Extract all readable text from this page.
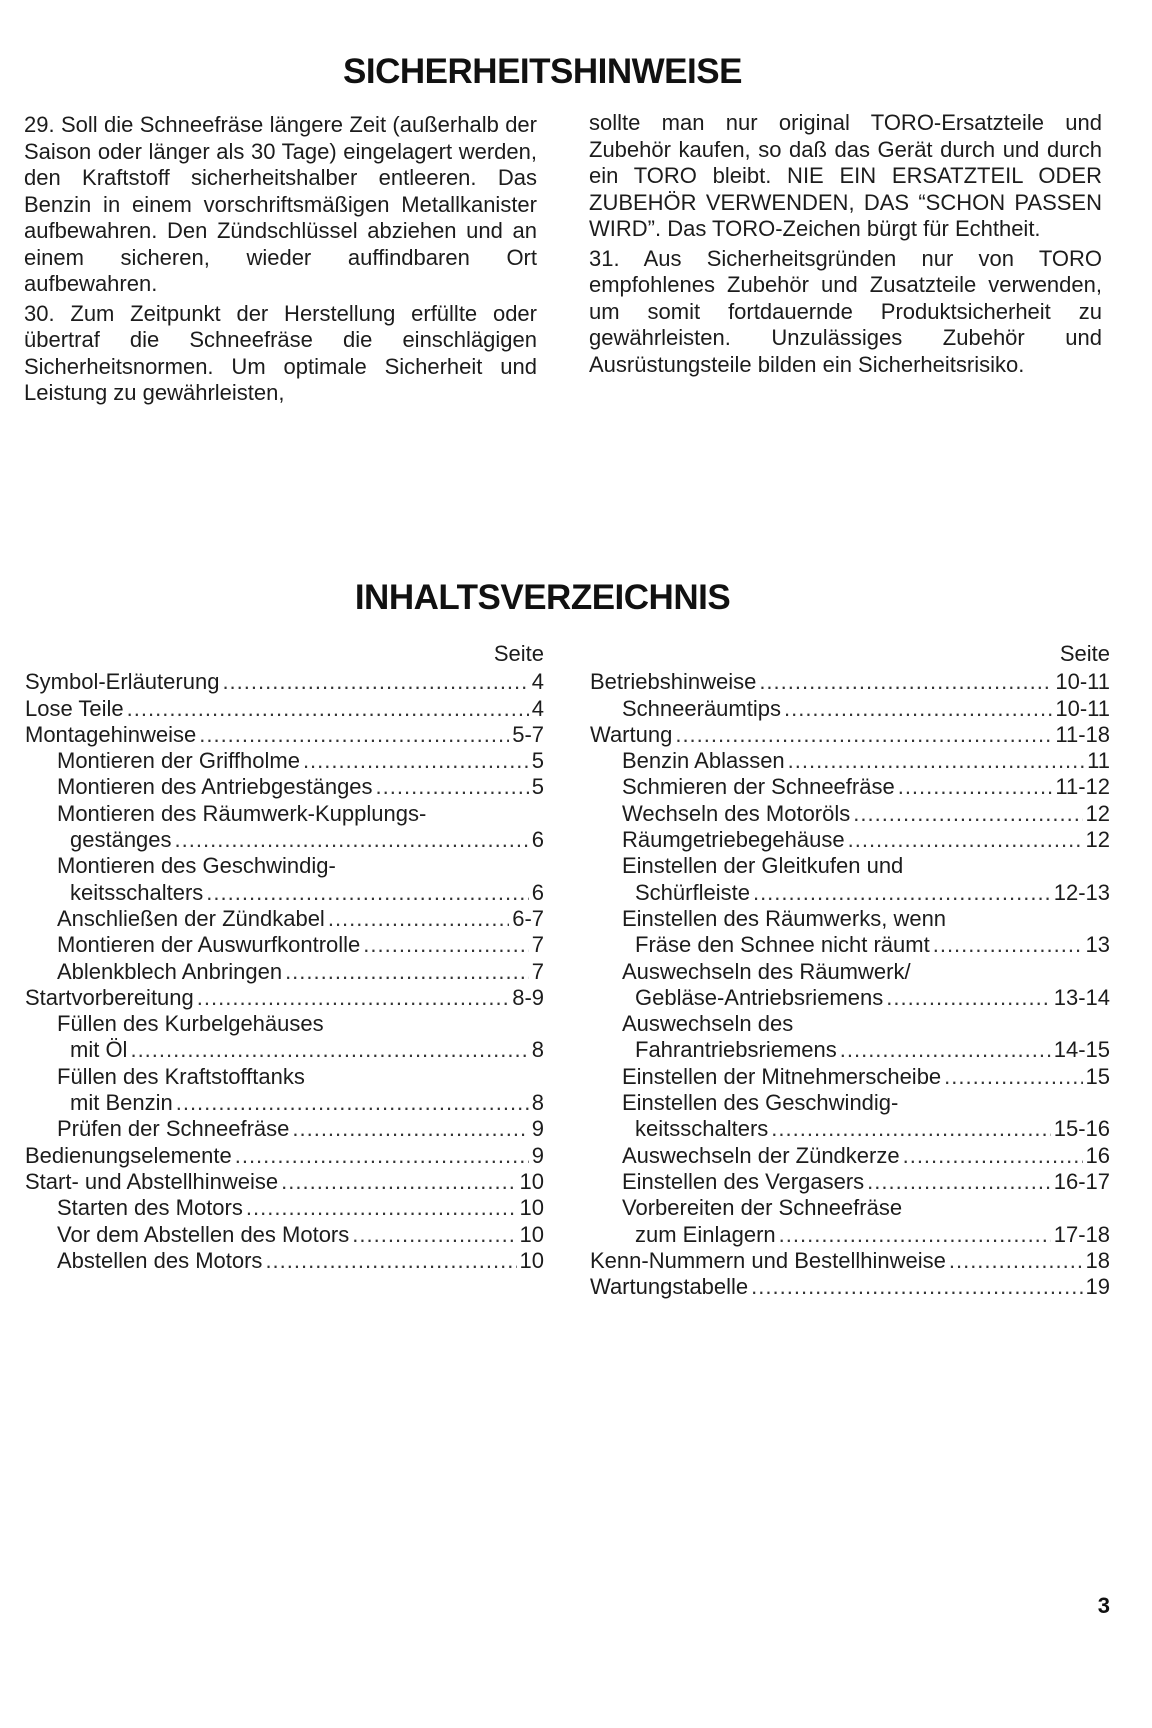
SICHERHEITSHINWEISE

29. Soll die Schneefräse längere Zeit (außerhalb der Saison oder länger als 30 Tage) eingelagert werden, den Kraftstoff sicherheitshalber entleeren. Das Benzin in einem vorschriftsmäßigen Metallkanister aufbewahren. Den Zündschlüssel abziehen und an einem sicheren, wieder auffindbaren Ort aufbewahren.

30. Zum Zeitpunkt der Herstellung erfüllte oder übertraf die Schneefräse die einschlägigen Sicherheitsnormen. Um optimale Sicherheit und Leistung zu gewährleisten,

sollte man nur original TORO-Ersatzteile und Zubehör kaufen, so daß das Gerät durch und durch ein TORO bleibt. NIE EIN ERSATZTEIL ODER ZUBEHÖR VERWENDEN, DAS “SCHON PASSEN WIRD”. Das TORO-Zeichen bürgt für Echtheit.

31. Aus Sicherheitsgründen nur von TORO empfohlenes Zubehör und Zusatzteile verwenden, um somit fortdauernde Produktsicherheit zu gewährleisten. Unzulässiges Zubehör und Ausrüstungsteile bilden ein Sicherheitsrisiko.

INHALTSVERZEICHNIS
Seite
Symbol-Erläuterung .....	4
Lose Teile .....	4
Montagehinweise .....	5-7
Montieren der Griffholme .....	5
Montieren des Antriebgestänges .....	5
Montieren des Räumwerk-Kupplungs-
gestänges .....	6
Montieren des Geschwindig-
keitsschalters .....	6
Anschließen der Zündkabel .....	6-7
Montieren der Auswurfkontrolle .....	7
Ablenkblech Anbringen .....	7
Startvorbereitung .....	8-9
Füllen des Kurbelgehäuses
mit Öl .....	8
Füllen des Kraftstofftanks
mit Benzin .....	8
Prüfen der Schneefräse .....	9
Bedienungselemente .....	9
Start- und Abstellhinweise .....	10
Starten des Motors .....	10
Vor dem Abstellen des Motors .....	10
Abstellen des Motors .....	10
Seite
Betriebshinweise .....	10-11
Schneeräumtips .....	10-11
Wartung .....	11-18
Benzin Ablassen .....	11
Schmieren der Schneefräse .....	11-12
Wechseln des Motoröls .....	12
Räumgetriebegehäuse .....	12
Einstellen der Gleitkufen und
Schürfleiste .....	12-13
Einstellen des Räumwerks, wenn
Fräse den Schnee nicht räumt .....	13
Auswechseln des Räumwerk/
Gebläse-Antriebsriemens .....	13-14
Auswechseln des
Fahrantriebsriemens .....	14-15
Einstellen der Mitnehmerscheibe .....	15
Einstellen des Geschwindig-
keitsschalters .....	15-16
Auswechseln der Zündkerze .....	16
Einstellen des Vergasers .....	16-17
Vorbereiten der Schneefräse
zum Einlagern .....	17-18
Kenn-Nummern und Bestellhinweise .....	18
Wartungstabelle .....	19
3
